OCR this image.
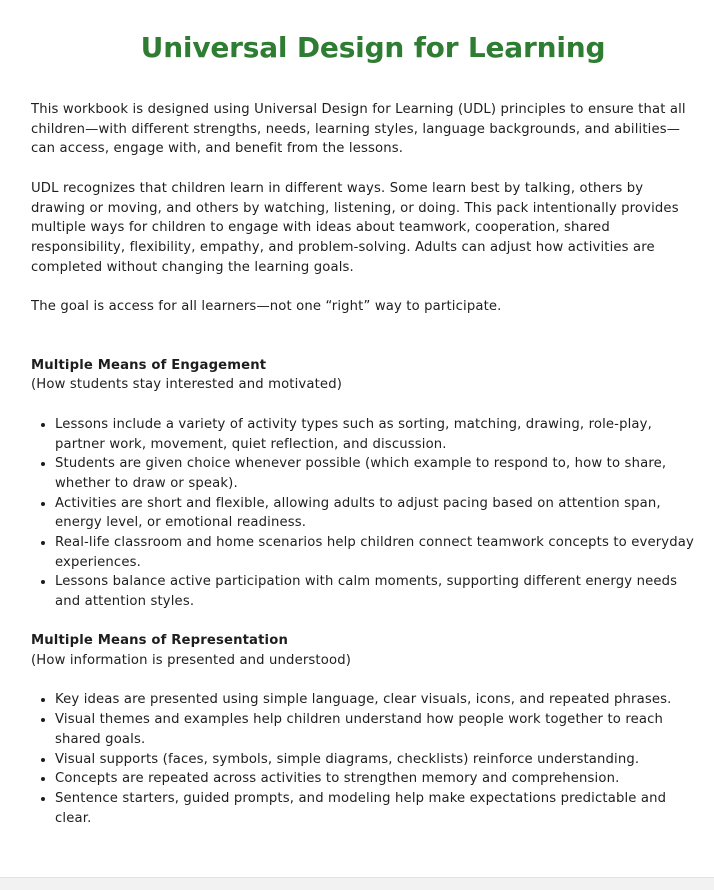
Universal Design for Learning

This workbook is designed using Universal Design for Learning (UDL) principles to ensure that all children—with different strengths, needs, learning styles, language backgrounds, and abilities—can access, engage with, and benefit from the lessons.

UDL recognizes that children learn in different ways. Some learn best by talking, others by drawing or moving, and others by watching, listening, or doing. This pack intentionally provides multiple ways for children to engage with ideas about teamwork, cooperation, shared responsibility, flexibility, empathy, and problem-solving. Adults can adjust how activities are completed without changing the learning goals.

The goal is access for all learners—not one “right” way to participate.

Multiple Means of Engagement
(How students stay interested and motivated)
• Lessons include a variety of activity types such as sorting, matching, drawing, role-play, partner work, movement, quiet reflection, and discussion.
• Students are given choice whenever possible (which example to respond to, how to share, whether to draw or speak).
• Activities are short and flexible, allowing adults to adjust pacing based on attention span, energy level, or emotional readiness.
• Real-life classroom and home scenarios help children connect teamwork concepts to everyday experiences.
• Lessons balance active participation with calm moments, supporting different energy needs and attention styles.
Multiple Means of Representation
(How information is presented and understood)
• Key ideas are presented using simple language, clear visuals, icons, and repeated phrases.
• Visual themes and examples help children understand how people work together to reach shared goals.
• Visual supports (faces, symbols, simple diagrams, checklists) reinforce understanding.
• Concepts are repeated across activities to strengthen memory and comprehension.
• Sentence starters, guided prompts, and modeling help make expectations predictable and clear.
